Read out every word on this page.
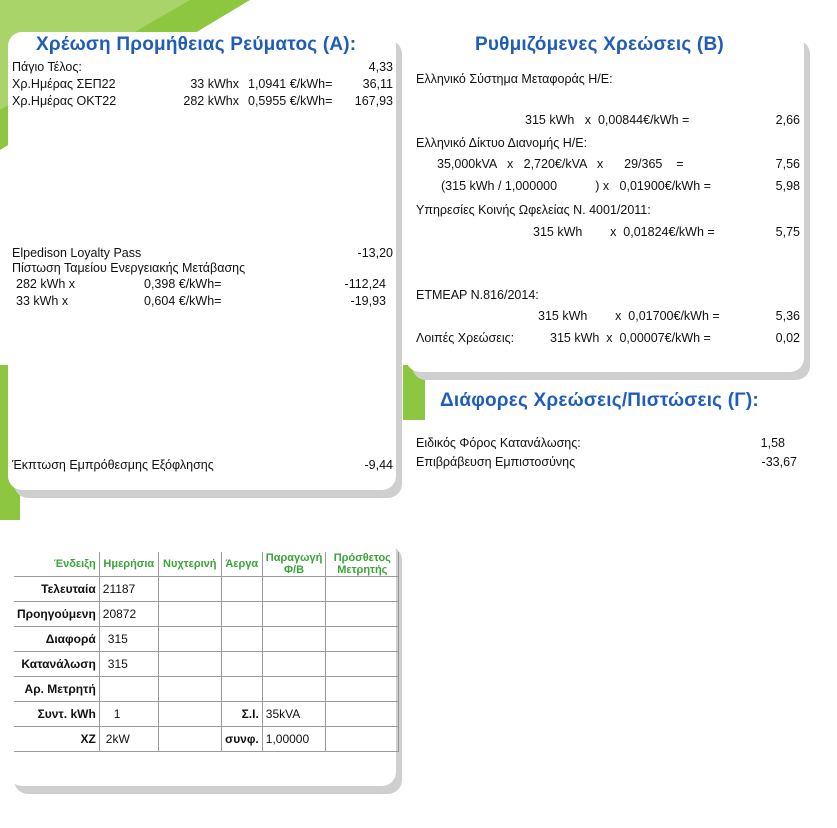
Χρέωση Προμήθειας Ρεύματος (Α):
Πάγιο Τέλος:	4,33
Χρ.Ημέρας ΣΕΠ22	33 kWhx 1,0941 €/kWh= 36,11
Χρ.Ημέρας ΟΚΤ22	282 kWhx 0,5955 €/kWh= 167,93
Elpedison Loyalty Pass	-13,20
Πίστωση Ταμείου Ενεργειακής Μετάβασης
282 kWh x	0,398 €/kWh=	-112,24
33 kWh x	0,604 €/kWh=	-19,93
Έκπτωση Εμπρόθεσμης Εξόφλησης	-9,44
Ρυθμιζόμενες Χρεώσεις (Β)
Ελληνικό Σύστημα Μεταφοράς Η/Ε:
315 kWh   x  0,00844€/kWh =	2,66
Ελληνικό Δίκτυο Διανομής Η/Ε:
35,000kVA   x   2,720€/kVA   x      29/365    =	7,56
(315 kWh / 1,000000           ) x   0,01900€/kWh =	5,98
Υπηρεσίες Κοινής Ωφελείας Ν. 4001/2011:
315 kWh        x  0,01824€/kWh =	5,75
ΕΤΜΕΑΡ Ν.816/2014:
315 kWh        x  0,01700€/kWh =	5,36
Λοιπές Χρεώσεις:	315 kWh  x  0,00007€/kWh =	0,02
Διάφορες Χρεώσεις/Πιστώσεις (Γ):
Ειδικός Φόρος Κατανάλωσης:	1,58
Επιβράβευση Εμπιστοσύνης	-33,67
Ένδειξη	Ημερήσια	Νυχτερινή	Άεργα	Παραγωγή Φ/Β	Πρόσθετος Μετρητής
Τελευταία	21187				
Προηγούμενη	20872				
Διαφορά	315				
Κατανάλωση	315				
Αρ. Μετρητή					
Συντ. kWh	1		Σ.Ι.	35kVA	
ΧΖ	2kW		συνφ.	1,00000	
